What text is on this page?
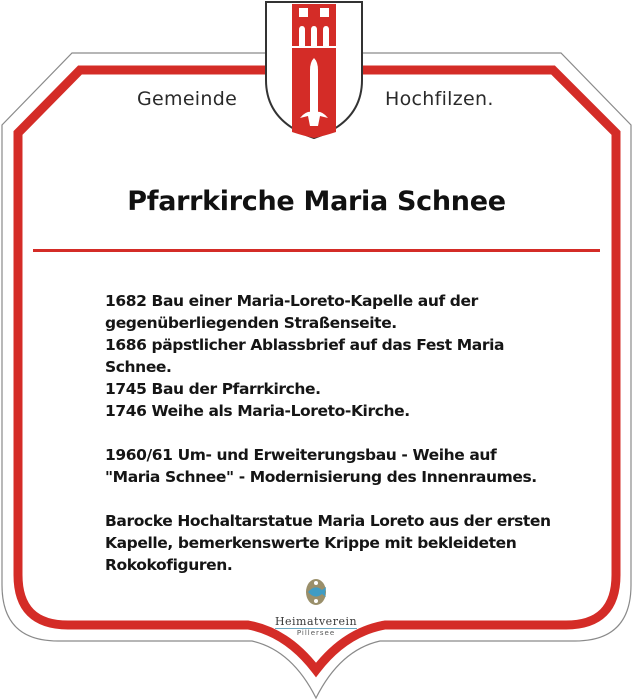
Gemeinde	Hochfilzen.
Pfarrkirche Maria Schnee

1682 Bau einer Maria-Loreto-Kapelle auf der

gegenüberliegenden Straßenseite.

1686 päpstlicher Ablassbrief auf das Fest Maria Schnee.

1745 Bau der Pfarrkirche.

1746 Weihe als Maria-Loreto-Kirche.

1960/61 Um- und Erweiterungsbau - Weihe auf

"Maria Schnee" - Modernisierung des Innenraumes.

Barocke Hochaltarstatue Maria Loreto aus der ersten

Kapelle, bemerkenswerte Krippe mit bekleideten

Rokokofiguren.

Heimatverein
Pillersee
